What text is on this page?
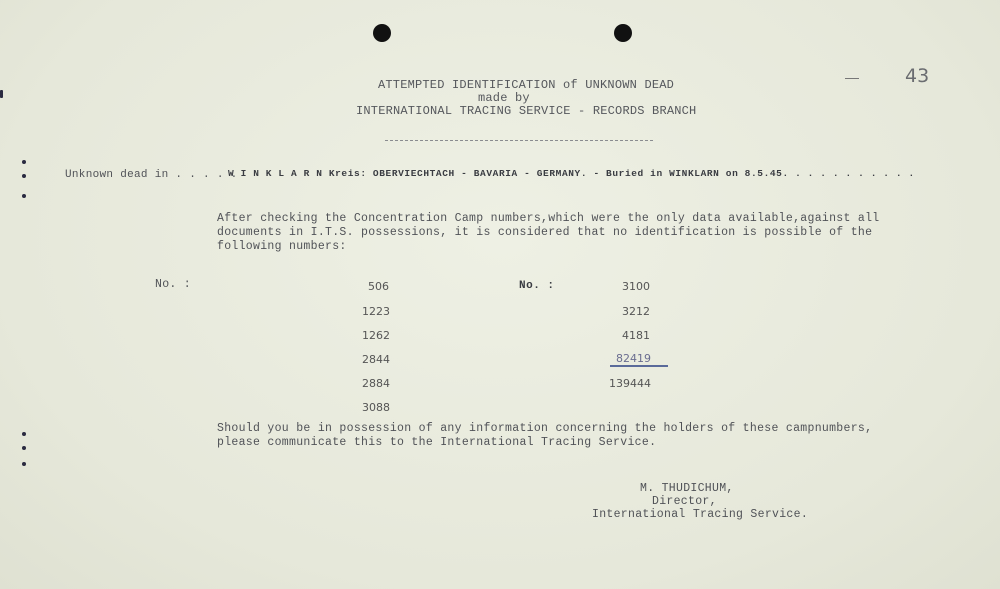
ATTEMPTED IDENTIFICATION of UNKNOWN DEAD
made by
INTERNATIONAL TRACING SERVICE - RECORDS BRANCH
43
Unknown dead in . . . . .
W I N K L A R N Kreis: OBERVIECHTACH - BAVARIA - GERMANY. - Buried in WINKLARN on 8.5.45. . . . . . . . . . .
After checking the Concentration Camp numbers,which were the only data available,against all
documents in I.T.S. possessions, it is considered that no identification is possible of the
following numbers:
No. :	No. :
506
1223
1262
2844
2884
3088
3100
3212
4181
82419
139444
Should you be in possession of any information concerning the holders of these campnumbers,
please communicate this to the International Tracing Service.
M. THUDICHUM,
Director,
International Tracing Service.
